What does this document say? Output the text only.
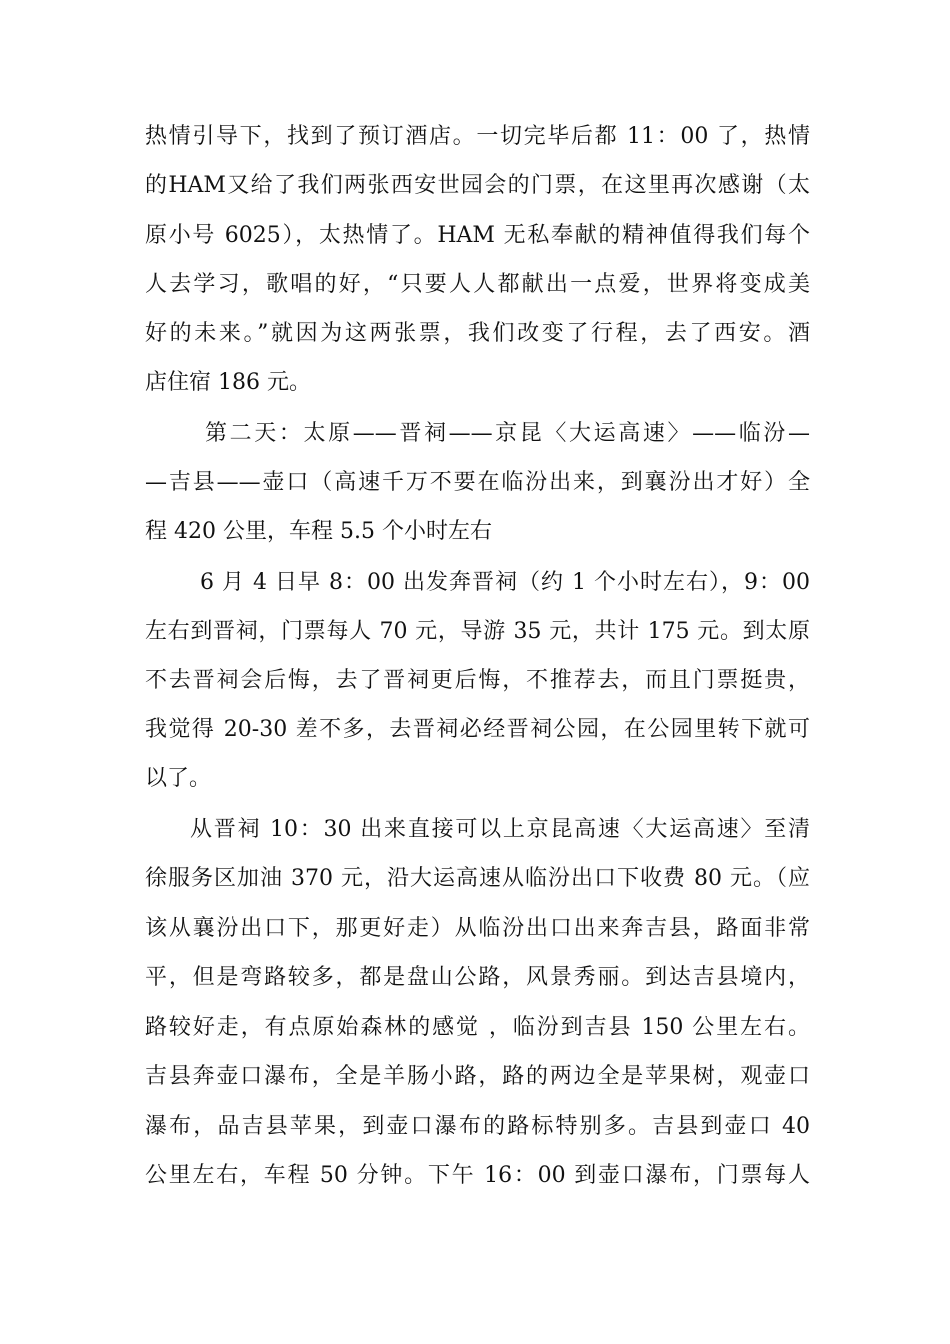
热情引导下，找到了预订酒店。一切完毕后都 11：00 了，热情
的HAM又给了我们两张西安世园会的门票，在这里再次感谢（太
原小号 6025），太热情了。HAM 无私奉献的精神值得我们每个
人去学习，歌唱的好，“只要人人都献出一点爱，世界将变成美
好的未来。”就因为这两张票，我们改变了行程，去了西安。酒
店住宿 186 元。
第二天：太原——晋祠——京昆〈大运高速〉——临汾—
—吉县——壶口（高速千万不要在临汾出来，到襄汾出才好）全
程 420 公里，车程 5.5 个小时左右
6 月 4 日早 8：00 出发奔晋祠（约 1 个小时左右），9：00
左右到晋祠，门票每人 70 元，导游 35 元，共计 175 元。到太原
不去晋祠会后悔，去了晋祠更后悔，不推荐去，而且门票挺贵，
我觉得 20-30 差不多，去晋祠必经晋祠公园，在公园里转下就可
以了。
从晋祠 10：30 出来直接可以上京昆高速〈大运高速〉至清
徐服务区加油 370 元，沿大运高速从临汾出口下收费 80 元。（应
该从襄汾出口下，那更好走）从临汾出口出来奔吉县，路面非常
平，但是弯路较多，都是盘山公路，风景秀丽。到达吉县境内，
路较好走，有点原始森林的感觉 ，临汾到吉县 150 公里左右。
吉县奔壶口瀑布，全是羊肠小路，路的两边全是苹果树，观壶口
瀑布，品吉县苹果，到壶口瀑布的路标特别多。吉县到壶口 40
公里左右，车程 50 分钟。下午 16：00 到壶口瀑布，门票每人
